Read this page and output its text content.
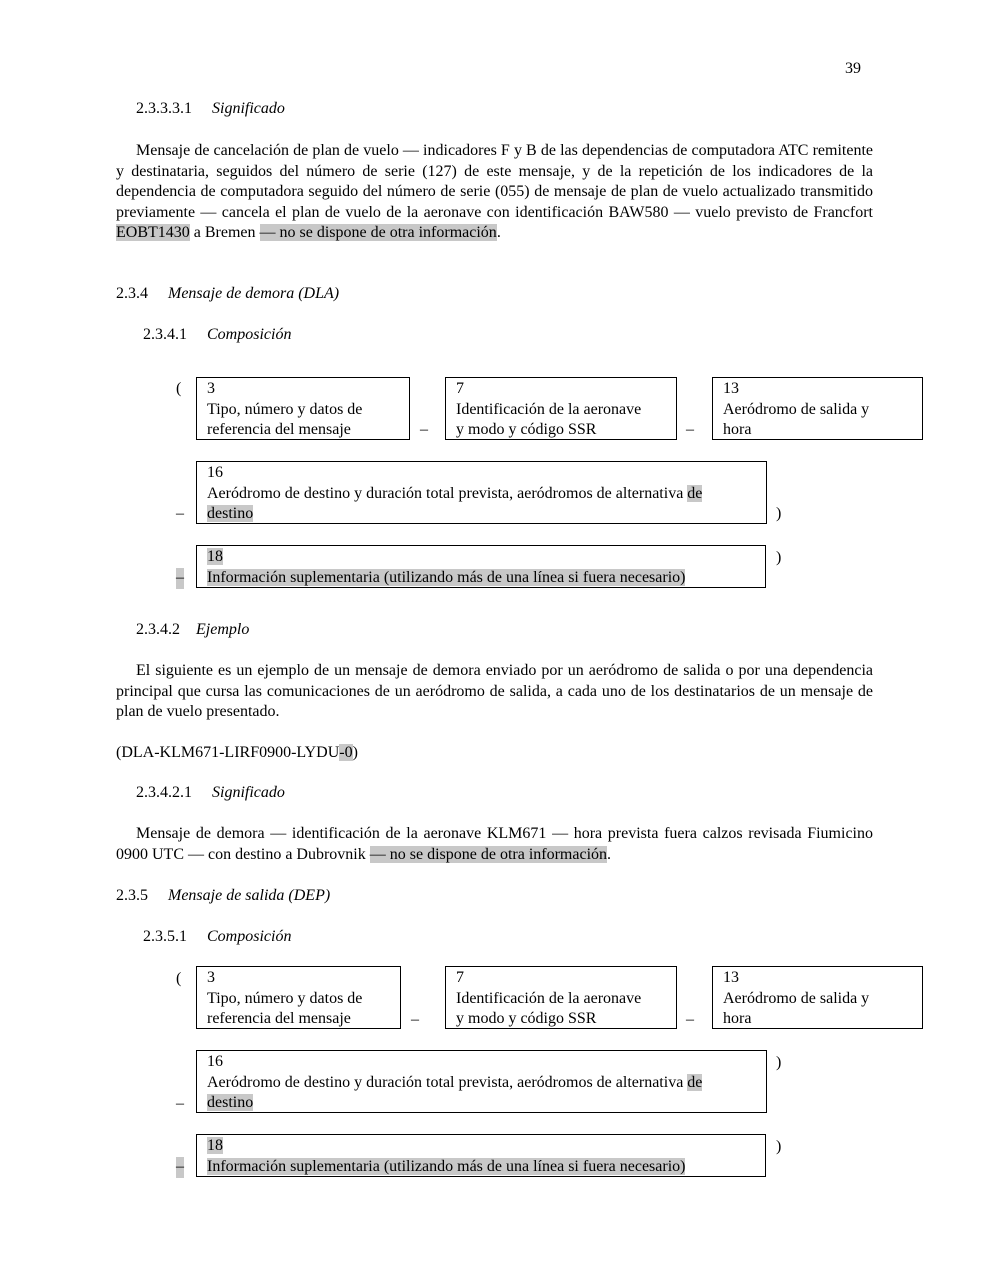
39
2.3.3.3.1 Significado
Mensaje de cancelación de plan de vuelo — indicadores F y B de las dependencias de computadora ATC remitente y destinataria, seguidos del número de serie (127) de este mensaje, y de la repetición de los indicadores de la dependencia de computadora seguido del número de serie (055) de mensaje de plan de vuelo actualizado transmitido previamente — cancela el plan de vuelo de la aeronave con identificación BAW580 — vuelo previsto de Francfort EOBT1430 a Bremen — no se dispone de otra información.
2.3.4 Mensaje de demora (DLA)
2.3.4.1 Composición
( 3
Tipo, número y datos de
referencia del mensaje	–
7
Identificación de la aeronave
y modo y código SSR	–
13
Aeródromo de salida y
hora
–
16
Aeródromo de destino y duración total prevista, aeródromos de alternativa de
destino	)
–
18
Información suplementaria (utilizando más de una línea si fuera necesario)
)
2.3.4.2 Ejemplo
El siguiente es un ejemplo de un mensaje de demora enviado por un aeródromo de salida o por una dependencia principal que cursa las comunicaciones de un aeródromo de salida, a cada uno de los destinatarios de un mensaje de plan de vuelo presentado.
(DLA-KLM671-LIRF0900-LYDU-0)
2.3.4.2.1 Significado
Mensaje de demora — identificación de la aeronave KLM671 — hora prevista fuera calzos revisada Fiumicino 0900 UTC — con destino a Dubrovnik — no se dispone de otra información.
2.3.5 Mensaje de salida (DEP)
2.3.5.1 Composición
( 3
Tipo, número y datos de
referencia del mensaje	–
7
Identificación de la aeronave
y modo y código SSR	–
13
Aeródromo de salida y
hora
–
16
Aeródromo de destino y duración total prevista, aeródromos de alternativa de
destino
)
–
18
Información suplementaria (utilizando más de una línea si fuera necesario)
)
